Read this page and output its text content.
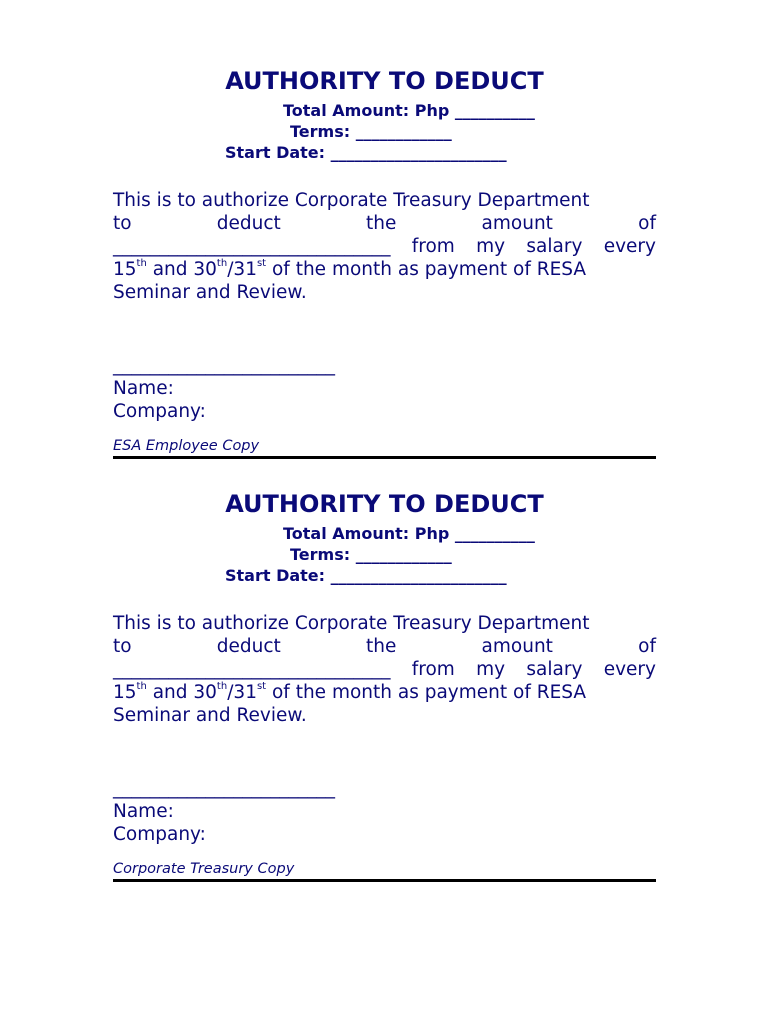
AUTHORITY TO DEDUCT
Total Amount: Php __________
Terms: ____________
Start Date: ______________________
This is to authorize Corporate Treasury Department
to	deduct	the	amount	of
______________________________ from my salary every
15th and 30th/31st of the month as payment of RESA
Seminar and Review.
________________________
Name:
Company:
ESA Employee Copy
AUTHORITY TO DEDUCT
Total Amount: Php __________
Terms: ____________
Start Date: ______________________
This is to authorize Corporate Treasury Department
to	deduct	the	amount	of
______________________________ from my salary every
15th and 30th/31st of the month as payment of RESA
Seminar and Review.
________________________
Name:
Company:
Corporate Treasury Copy
